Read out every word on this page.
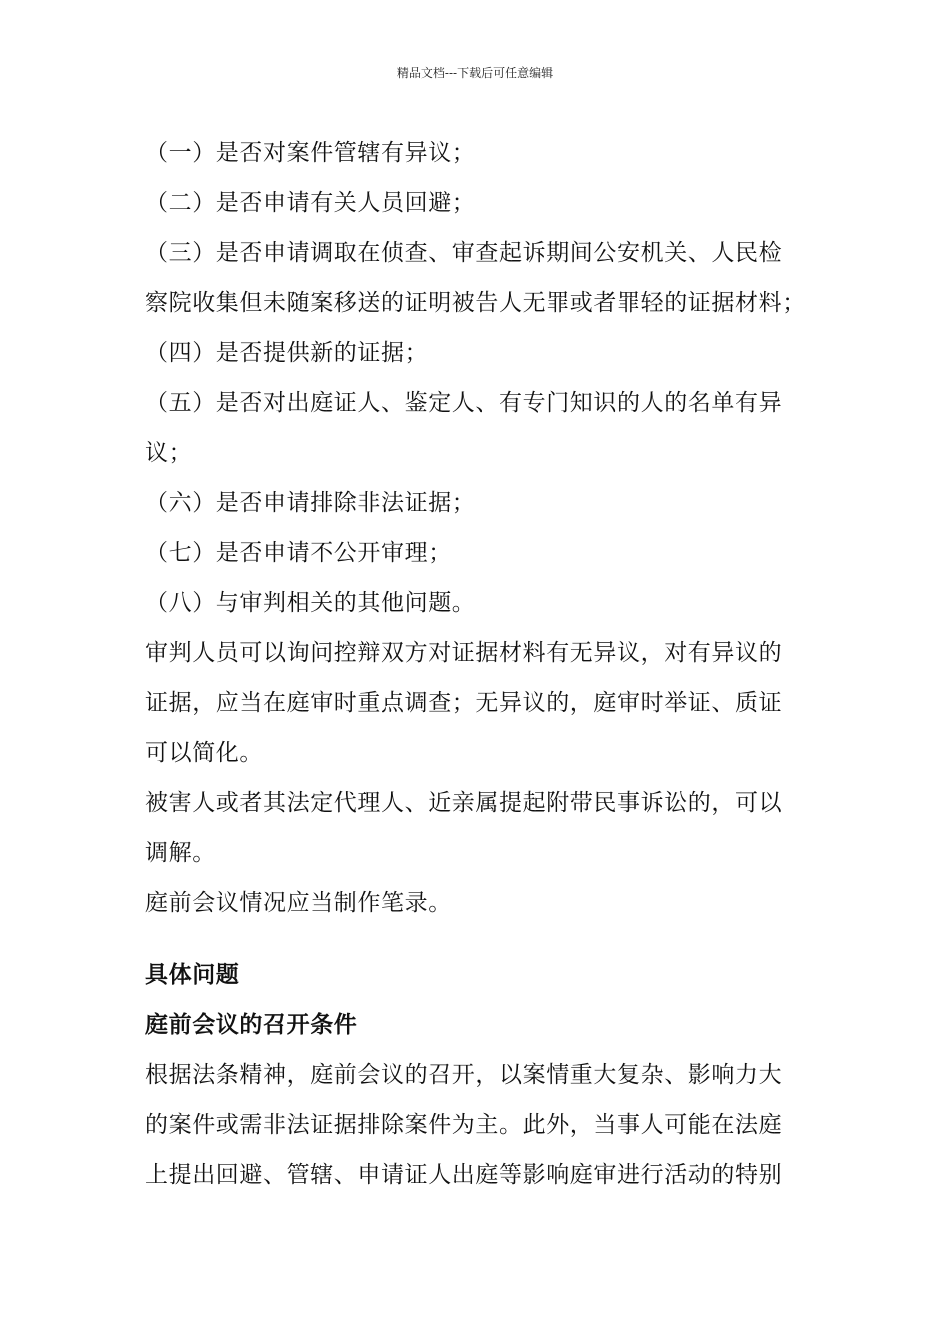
精品文档---下载后可任意编辑
（一）是否对案件管辖有异议；
（二）是否申请有关人员回避；
（三）是否申请调取在侦查、审查起诉期间公安机关、人民检
察院收集但未随案移送的证明被告人无罪或者罪轻的证据材料；
（四）是否提供新的证据；
（五）是否对出庭证人、鉴定人、有专门知识的人的名单有异
议；
（六）是否申请排除非法证据；
（七）是否申请不公开审理；
（八）与审判相关的其他问题。
审判人员可以询问控辩双方对证据材料有无异议，对有异议的
证据，应当在庭审时重点调查；无异议的，庭审时举证、质证
可以简化。
被害人或者其法定代理人、近亲属提起附带民事诉讼的，可以
调解。
庭前会议情况应当制作笔录。
具体问题
庭前会议的召开条件
根据法条精神，庭前会议的召开，以案情重大复杂、影响力大
的案件或需非法证据排除案件为主。此外，当事人可能在法庭
上提出回避、管辖、申请证人出庭等影响庭审进行活动的特别
